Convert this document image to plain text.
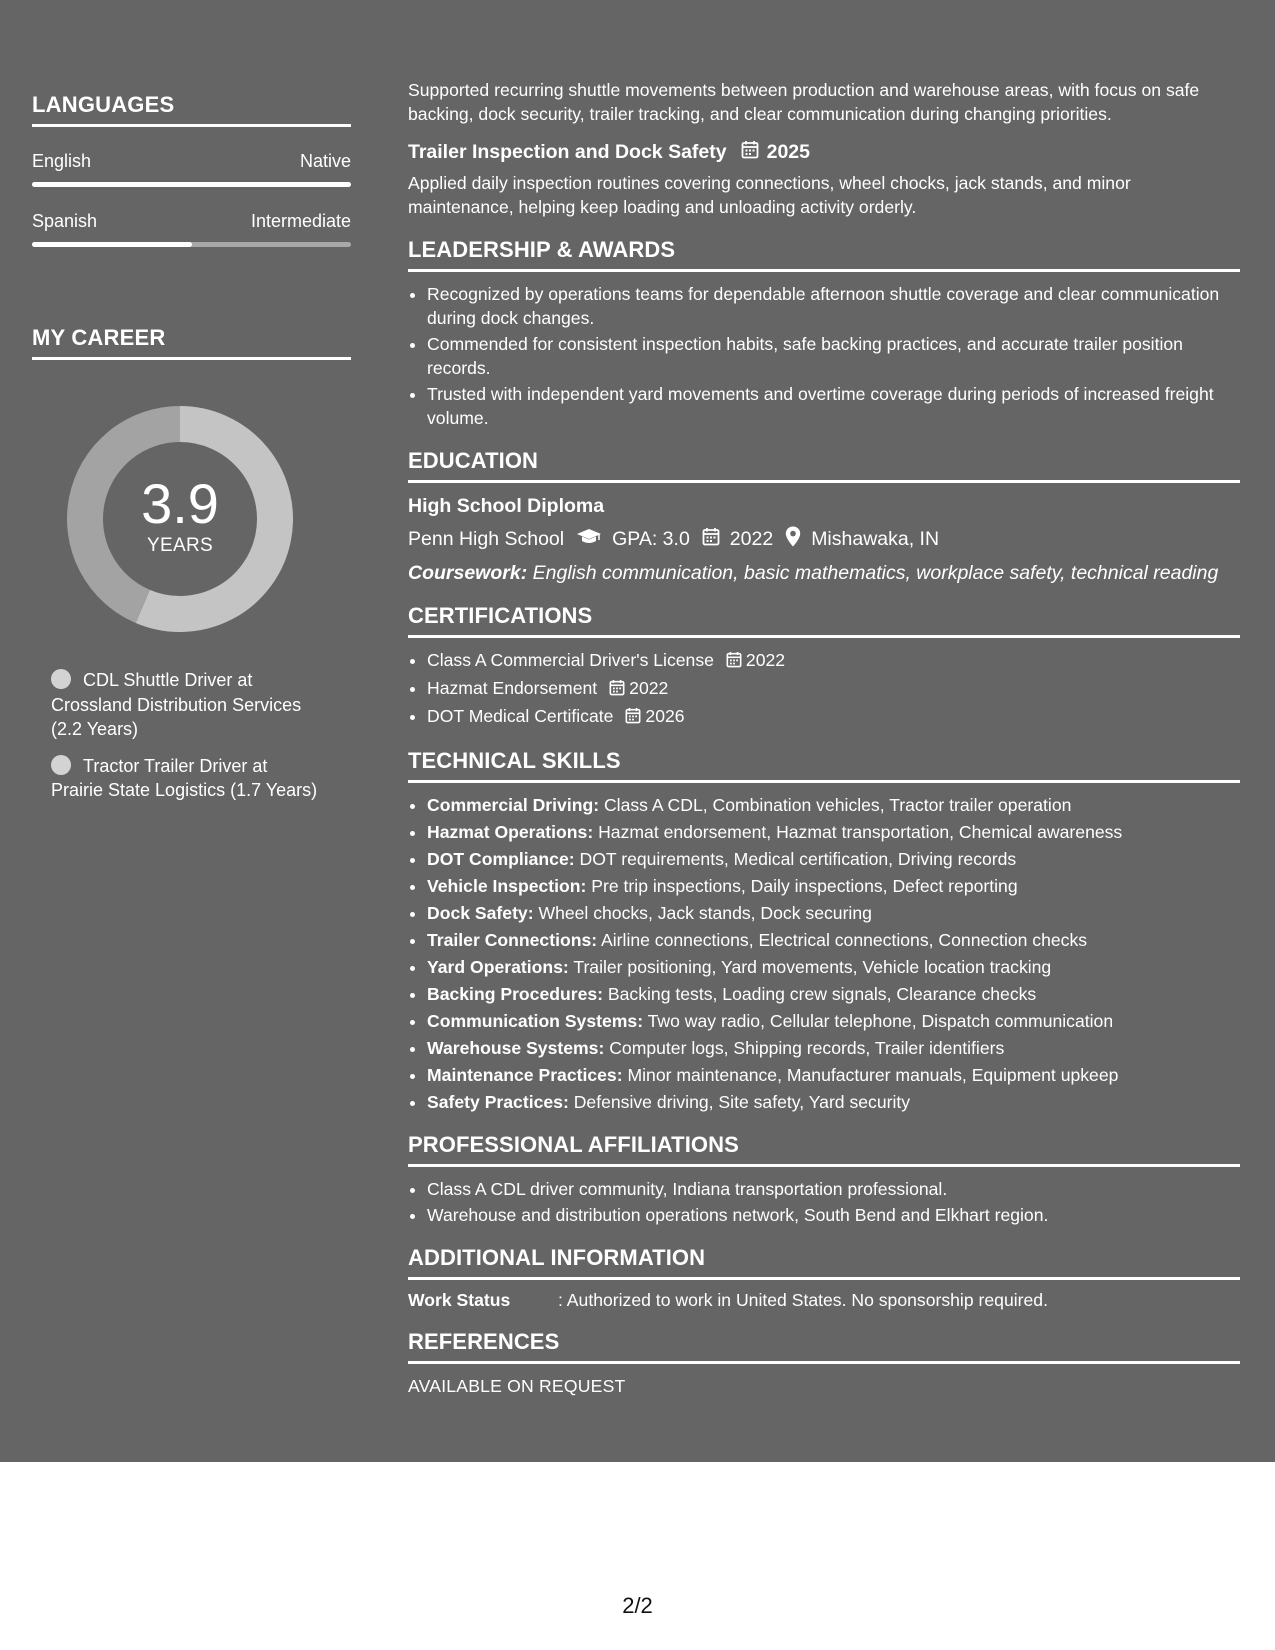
LANGUAGES
English	Native
Spanish	Intermediate
MY CAREER
3.9
YEARS
CDL Shuttle Driver at Crossland Distribution Services (2.2 Years)
Tractor Trailer Driver at Prairie State Logistics (1.7 Years)

Supported recurring shuttle movements between production and warehouse areas, with focus on safe backing, dock security, trailer tracking, and clear communication during changing priorities.

Trailer Inspection and Dock Safety 2025

Applied daily inspection routines covering connections, wheel chocks, jack stands, and minor maintenance, helping keep loading and unloading activity orderly.

LEADERSHIP & AWARDS
• Recognized by operations teams for dependable afternoon shuttle coverage and clear communication during dock changes.
• Commended for consistent inspection habits, safe backing practices, and accurate trailer position records.
• Trusted with independent yard movements and overtime coverage during periods of increased freight volume.
EDUCATION
High School Diploma
Penn High School GPA: 3.0 2022 Mishawaka, IN
Coursework: English communication, basic mathematics, workplace safety, technical reading
CERTIFICATIONS
• Class A Commercial Driver's License 2022
• Hazmat Endorsement 2022
• DOT Medical Certificate 2026
TECHNICAL SKILLS
• Commercial Driving: Class A CDL, Combination vehicles, Tractor trailer operation
• Hazmat Operations: Hazmat endorsement, Hazmat transportation, Chemical awareness
• DOT Compliance: DOT requirements, Medical certification, Driving records
• Vehicle Inspection: Pre trip inspections, Daily inspections, Defect reporting
• Dock Safety: Wheel chocks, Jack stands, Dock securing
• Trailer Connections: Airline connections, Electrical connections, Connection checks
• Yard Operations: Trailer positioning, Yard movements, Vehicle location tracking
• Backing Procedures: Backing tests, Loading crew signals, Clearance checks
• Communication Systems: Two way radio, Cellular telephone, Dispatch communication
• Warehouse Systems: Computer logs, Shipping records, Trailer identifiers
• Maintenance Practices: Minor maintenance, Manufacturer manuals, Equipment upkeep
• Safety Practices: Defensive driving, Site safety, Yard security
PROFESSIONAL AFFILIATIONS
• Class A CDL driver community, Indiana transportation professional.
• Warehouse and distribution operations network, South Bend and Elkhart region.
ADDITIONAL INFORMATION
Work Status	: Authorized to work in United States. No sponsorship required.
REFERENCES
AVAILABLE ON REQUEST
2/2
